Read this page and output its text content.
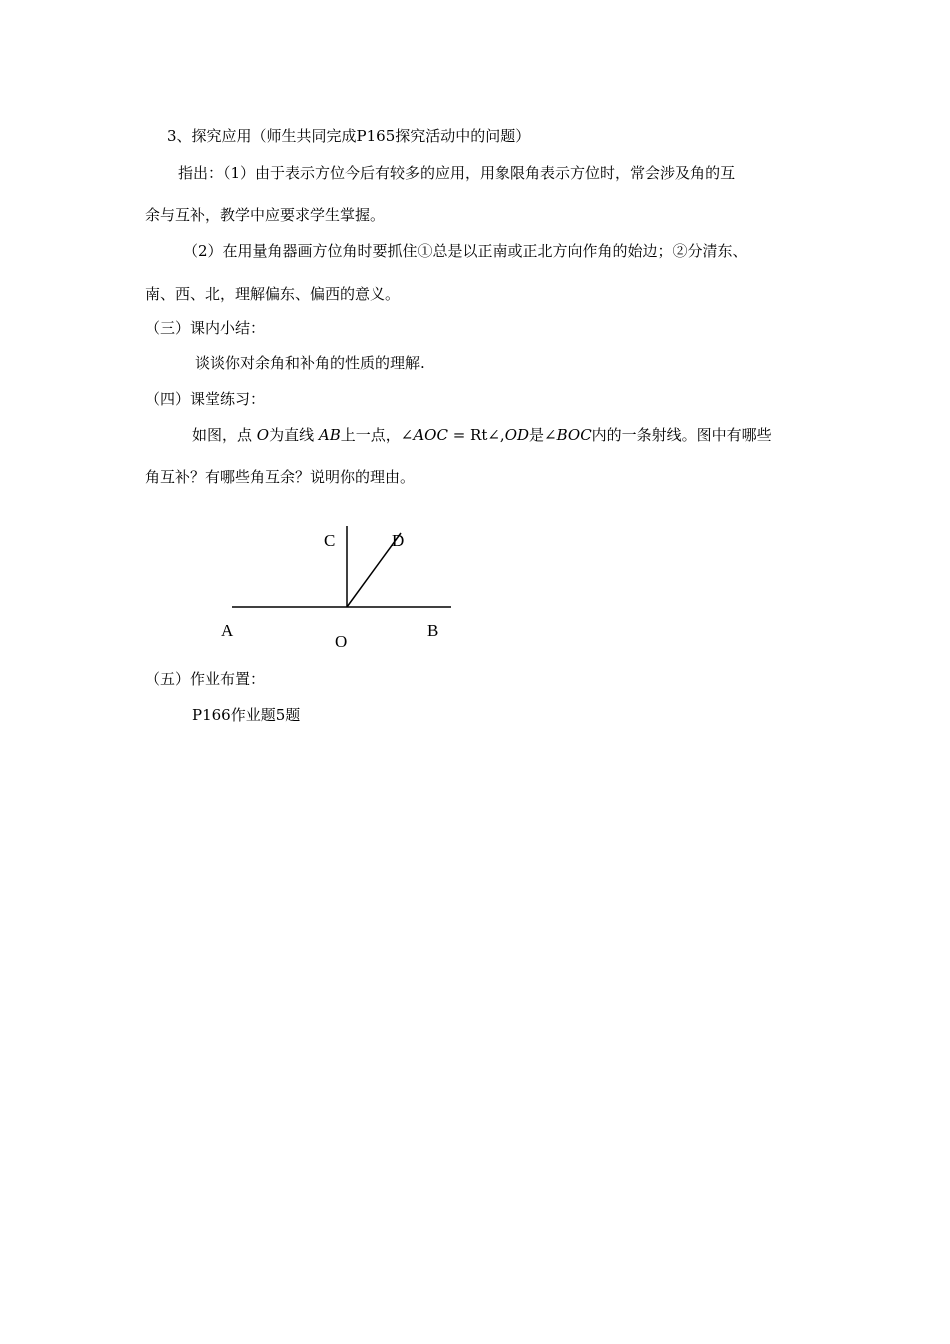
3、探究应用（师生共同完成P165探究活动中的问题）
指出：（1）由于表示方位今后有较多的应用，用象限角表示方位时，常会涉及角的互
余与互补，教学中应要求学生掌握。
（2）在用量角器画方位角时要抓住①总是以正南或正北方向作角的始边；②分清东、
南、西、北，理解偏东、偏西的意义。
（三）课内小结：
谈谈你对余角和补角的性质的理解.
（四）课堂练习：
如图，点 O为直线 AB上一点，∠AOC = Rt∠,OD是∠BOC内的一条射线。图中有哪些
角互补？有哪些角互余？说明你的理由。
C	D
A	B
O
（五）作业布置：
P166作业题5题
